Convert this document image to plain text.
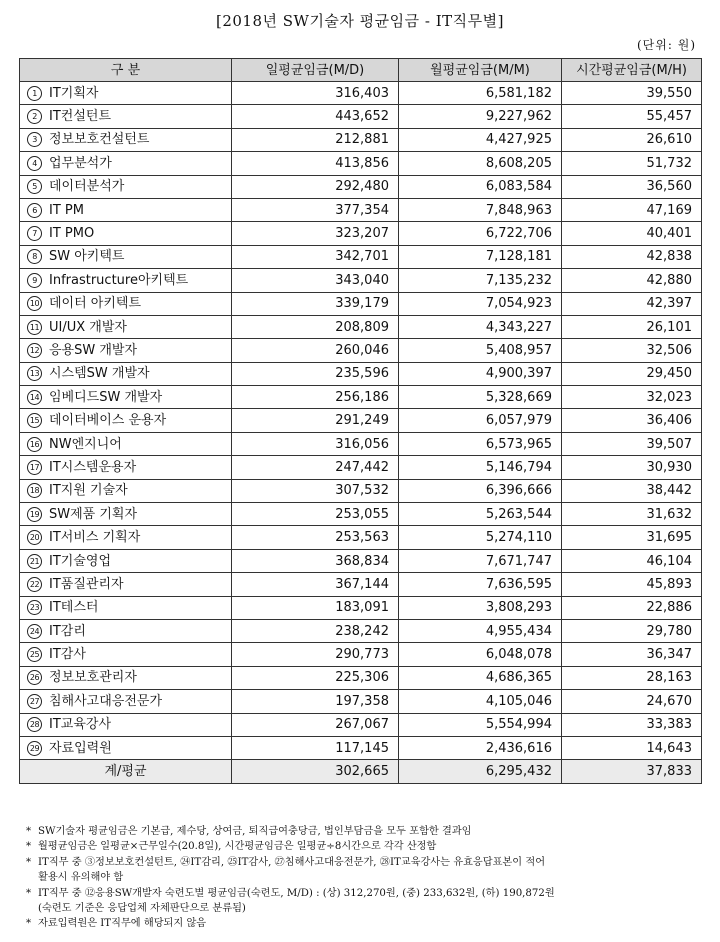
[2018년 SW기술자 평균임금 - IT직무별]
(단위: 원)
구 분	일평균임금(M/D)	월평균임금(M/M)	시간평균임금(M/H)
1 IT기획자	316,403	6,581,182	39,550
2 IT컨설턴트	443,652	9,227,962	55,457
3 정보보호컨설턴트	212,881	4,427,925	26,610
4 업무분석가	413,856	8,608,205	51,732
5 데이터분석가	292,480	6,083,584	36,560
6 IT PM	377,354	7,848,963	47,169
7 IT PMO	323,207	6,722,706	40,401
8 SW 아키텍트	342,701	7,128,181	42,838
9 Infrastructure아키텍트	343,040	7,135,232	42,880
10 데이터 아키텍트	339,179	7,054,923	42,397
11 UI/UX 개발자	208,809	4,343,227	26,101
12 응용SW 개발자	260,046	5,408,957	32,506
13 시스템SW 개발자	235,596	4,900,397	29,450
14 임베디드SW 개발자	256,186	5,328,669	32,023
15 데이터베이스 운용자	291,249	6,057,979	36,406
16 NW엔지니어	316,056	6,573,965	39,507
17 IT시스템운용자	247,442	5,146,794	30,930
18 IT지원 기술자	307,532	6,396,666	38,442
19 SW제품 기획자	253,055	5,263,544	31,632
20 IT서비스 기획자	253,563	5,274,110	31,695
21 IT기술영업	368,834	7,671,747	46,104
22 IT품질관리자	367,144	7,636,595	45,893
23 IT테스터	183,091	3,808,293	22,886
24 IT감리	238,242	4,955,434	29,780
25 IT감사	290,773	6,048,078	36,347
26 정보보호관리자	225,306	4,686,365	28,163
27 침해사고대응전문가	197,358	4,105,046	24,670
28 IT교육강사	267,067	5,554,994	33,383
29 자료입력원	117,145	2,436,616	14,643
계/평균	302,665	6,295,432	37,833
* SW기술자 평균임금은 기본급, 제수당, 상여금, 퇴직급여충당금, 법인부담금을 모두 포함한 결과임
* 월평균임금은 일평균×근무일수(20.8일), 시간평균임금은 일평균÷8시간으로 각각 산정함
* IT직무 중 ③정보보호컨설턴트, ㉔IT감리, ㉕IT감사, ㉗침해사고대응전문가, ㉘IT교육강사는 유효응답표본이 적어
활용시 유의해야 함
* IT직무 중 ⑫응용SW개발자 숙련도별 평균임금(숙련도, M/D) : (상) 312,270원, (중) 233,632원, (하) 190,872원
(숙련도 기준은 응답업체 자체판단으로 분류됨)
* 자료입력원은 IT직무에 해당되지 않음
